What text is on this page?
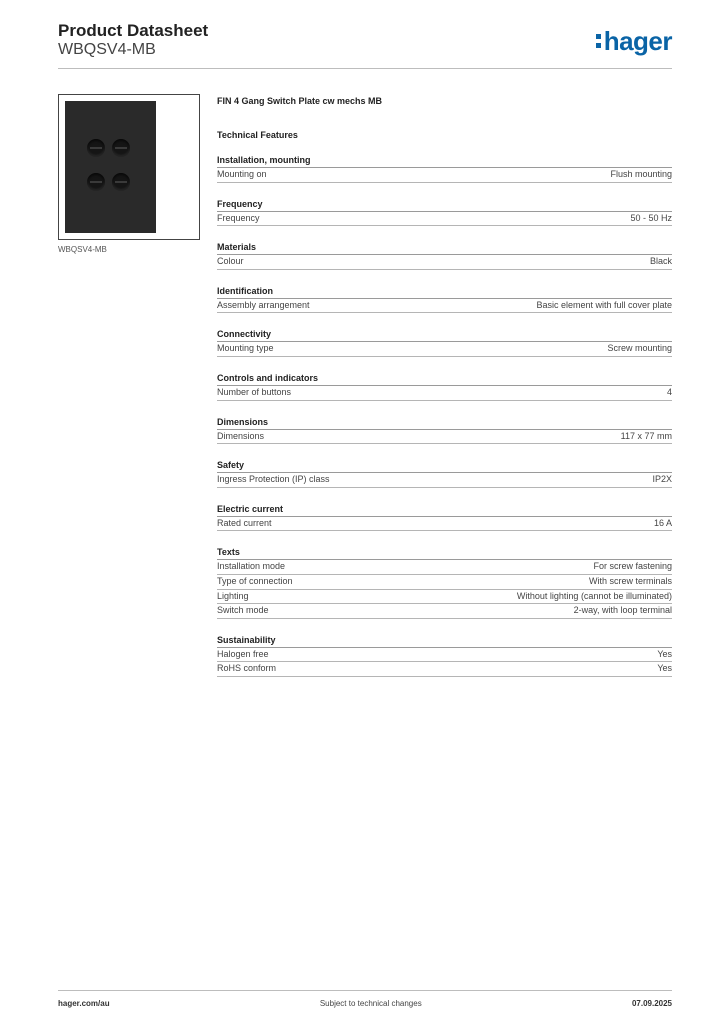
Product Datasheet
WBQSV4-MB	hager
WBQSV4-MB
FIN 4 Gang Switch Plate cw mechs MB
Technical Features
Installation, mounting
Mounting on	Flush mounting
Frequency
Frequency	50 - 50 Hz
Materials
Colour	Black
Identification
Assembly arrangement	Basic element with full cover plate
Connectivity
Mounting type	Screw mounting
Controls and indicators
Number of buttons	4
Dimensions
Dimensions	117 x 77 mm
Safety
Ingress Protection (IP) class	IP2X
Electric current
Rated current	16 A
Texts
Installation mode	For screw fastening
Type of connection	With screw terminals
Lighting	Without lighting (cannot be illuminated)
Switch mode	2-way, with loop terminal
Sustainability
Halogen free	Yes
RoHS conform	Yes
hager.com/au	Subject to technical changes	07.09.2025
